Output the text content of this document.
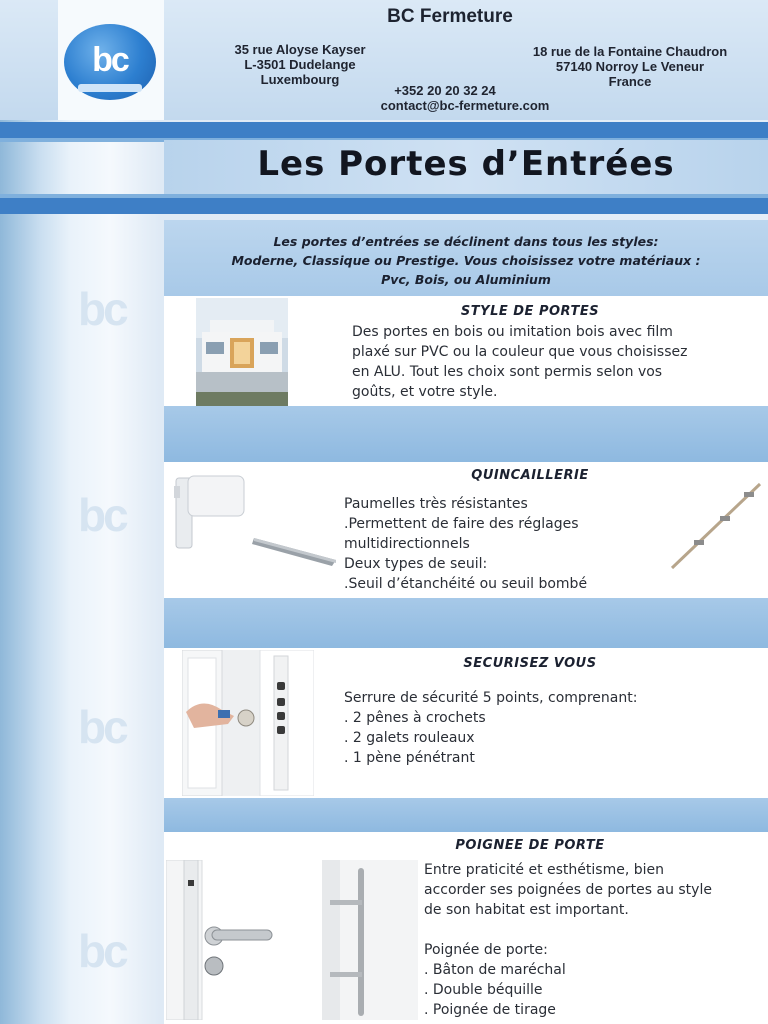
bc
BC Fermeture
35 rue Aloyse Kayser
L-3501 Dudelange
Luxembourg
18 rue de la Fontaine Chaudron
57140 Norroy Le Veneur
France
+352 20 20 32 24
contact@bc-fermeture.com
Les Portes d’Entrées
bc
bc
bc
bc
Les portes d’entrées se déclinent dans tous les styles:
Moderne, Classique ou Prestige. Vous choisissez votre matériaux :
Pvc, Bois, ou Aluminium
STYLE DE PORTES
Des portes en bois ou imitation bois avec film
plaxé sur PVC ou la couleur que vous choisissez
en ALU. Tout les choix sont permis selon vos
goûts, et votre style.
QUINCAILLERIE
Paumelles très résistantes
.Permettent de faire des réglages
multidirectionnels
Deux types de seuil:
.Seuil d’étanchéité ou seuil bombé
SECURISEZ VOUS
Serrure de sécurité 5 points, comprenant:
. 2 pênes à crochets
. 2 galets rouleaux
. 1 pène pénétrant
POIGNEE DE PORTE
Entre praticité et esthétisme, bien
accorder ses poignées de portes au style
de son habitat est important.

Poignée de porte:
. Bâton de maréchal
. Double béquille
. Poignée de tirage
